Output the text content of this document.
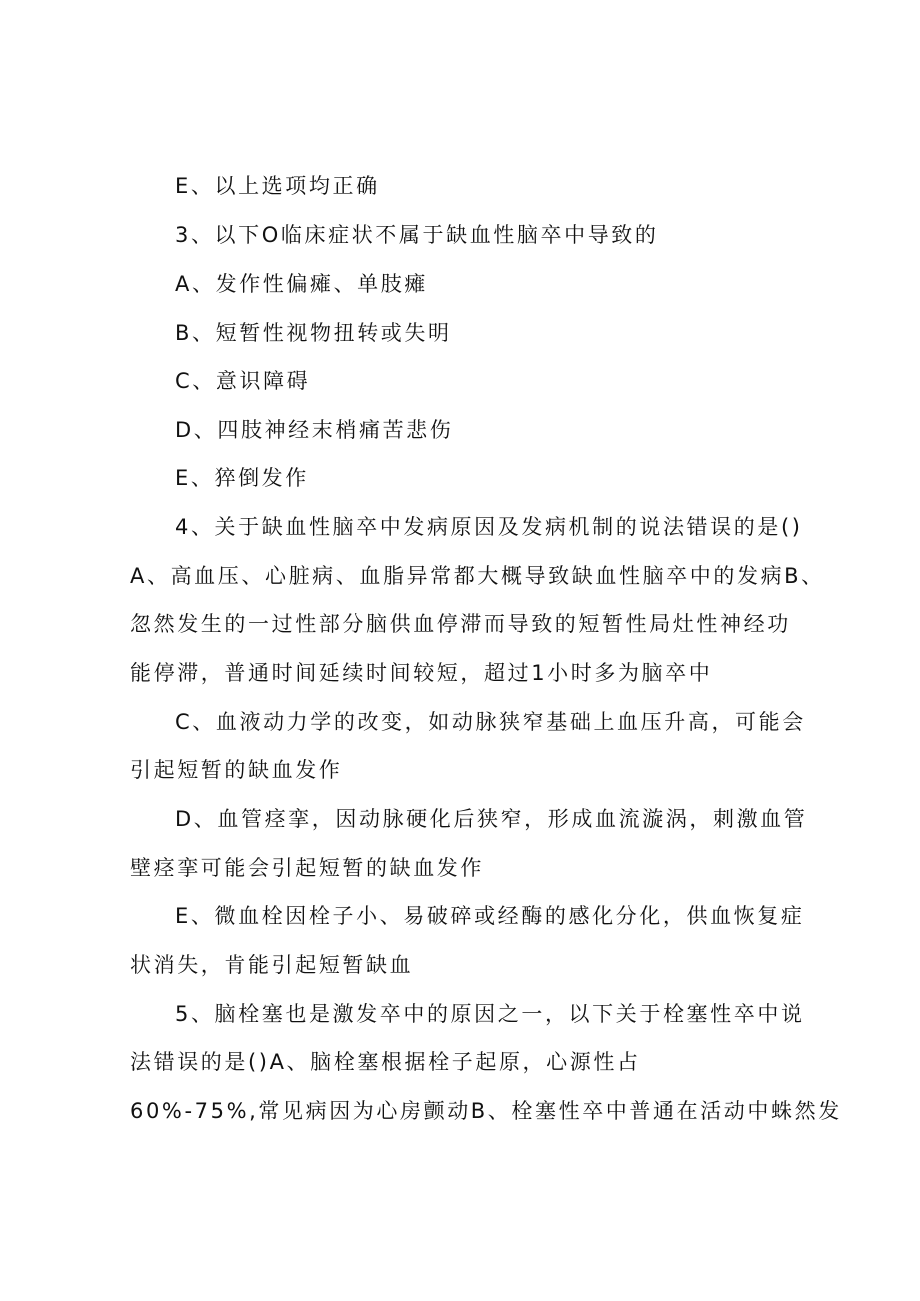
E、以上选项均正确
3、以下O临床症状不属于缺血性脑卒中导致的
A、发作性偏瘫、单肢瘫
B、短暂性视物扭转或失明
C、意识障碍
D、四肢神经末梢痛苦悲伤
E、猝倒发作
4、关于缺血性脑卒中发病原因及发病机制的说法错误的是()
A、高血压、心脏病、血脂异常都大概导致缺血性脑卒中的发病B、
忽然发生的一过性部分脑供血停滞而导致的短暂性局灶性神经功
能停滞，普通时间延续时间较短，超过1小时多为脑卒中
C、血液动力学的改变，如动脉狭窄基础上血压升高，可能会
引起短暂的缺血发作
D、血管痉挛，因动脉硬化后狭窄，形成血流漩涡，刺激血管
壁痉挛可能会引起短暂的缺血发作
E、微血栓因栓子小、易破碎或经酶的感化分化，供血恢复症
状消失，肯能引起短暂缺血
5、脑栓塞也是激发卒中的原因之一，以下关于栓塞性卒中说
法错误的是()A、脑栓塞根据栓子起原，心源性占
60%-75%,常见病因为心房颤动B、栓塞性卒中普通在活动中蛛然发
